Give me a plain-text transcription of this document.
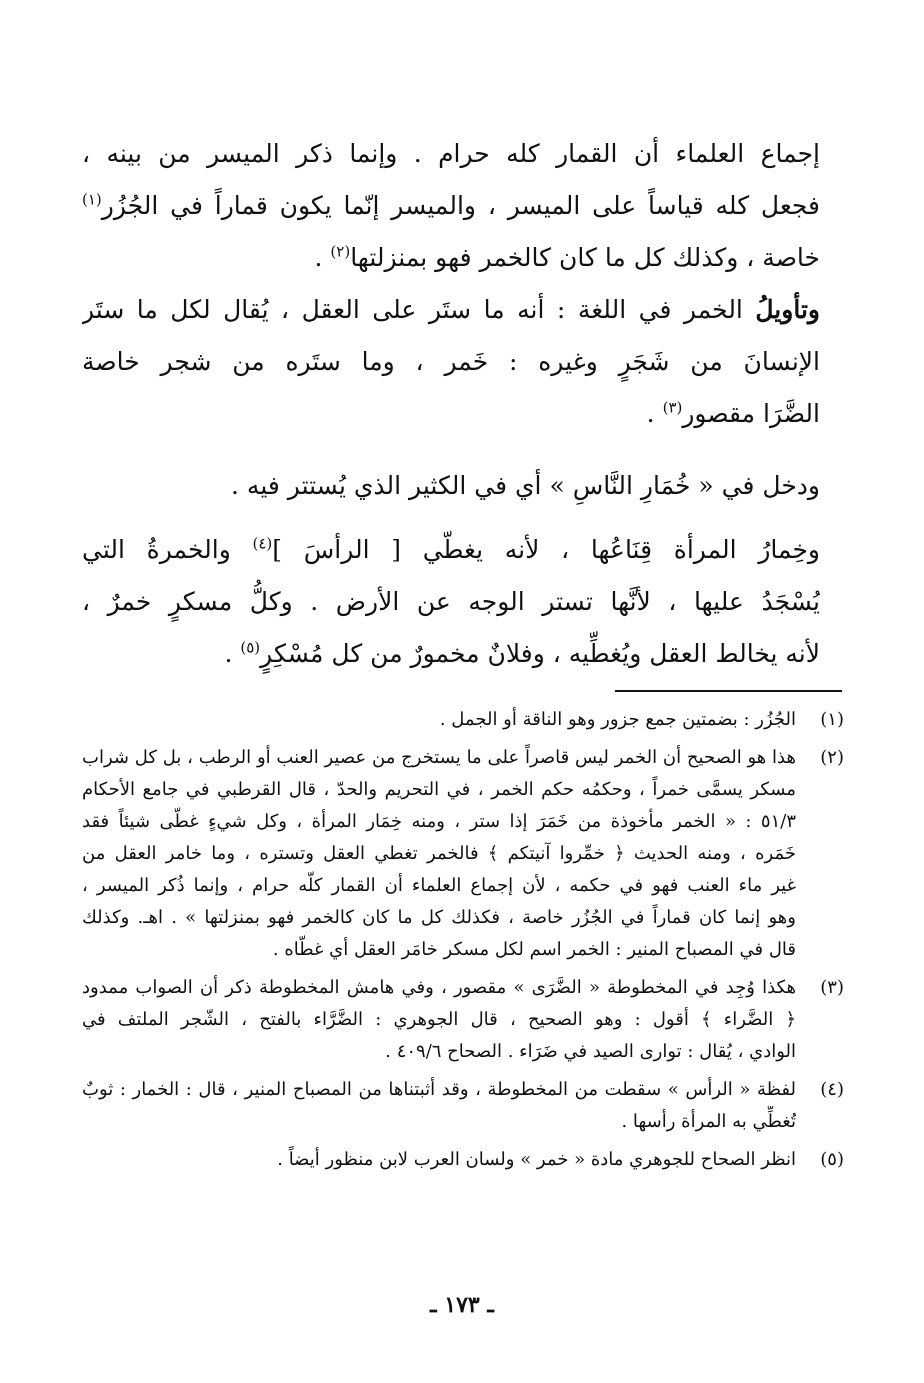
إجماع العلماء أن القمار كله حرام . وإنما ذكر الميسر من بينه ،
فجعل كله قياساً على الميسر ، والميسر إنّما يكون قماراً في الجُزُر$^{(١)}$
خاصة ، وكذلك كل ما كان كالخمر فهو بمنزلتها$^{(٢)}$ .
وتأويلُ الخمر في اللغة : أنه ما ستَر على العقل ، يُقال لكل ما ستَر
الإنسانَ من شَجَرٍ وغيره : خَمر ، وما ستَره من شجر خاصة
الضَّرَا مقصور$^{(٣)}$ .
ودخل في « خُمَارِ النَّاسِ » أي في الكثير الذي يُستتر فيه .
وخِمارُ المرأة قِنَاعُها ، لأنه يغطّي [ الرأسَ ]$^{(٤)}$ والخمرةُ التي
يُسْجَدُ عليها ، لأنَّها تستر الوجه عن الأرض . وكلُّ مسكرٍ خمرٌ ،
لأنه يخالط العقل ويُغطِّيه ، وفلانٌ مخمورٌ من كل مُسْكِرٍ$^{(٥)}$ .
(١)
الجُزُر : بضمتين جمع جزور وهو الناقة أو الجمل .
(٢)
هذا هو الصحيح أن الخمر ليس قاصراً على ما يستخرج من عصير العنب أو الرطب ، بل كل شراب
مسكر يسمَّى خمراً ، وحكمُه حكم الخمر ، في التحريم والحدّ ، قال القرطبي في جامع الأحكام
٥١/٣ : « الخمر مأخوذة من خَمَرَ إذا ستر ، ومنه خِمَار المرأة ، وكل شيءٍ غطّى شيئاً فقد
خَمَره ، ومنه الحديث ﴿ خمِّروا آنيتكم ﴾ فالخمر تغطي العقل وتستره ، وما خامر العقل من
غير ماء العنب فهو في حكمه ، لأن إجماع العلماء أن القمار كلّه حرام ، وإنما ذُكر الميسر ،
وهو إنما كان قماراً في الجُزُر خاصة ، فكذلك كل ما كان كالخمر فهو بمنزلتها » . اهـ. وكذلك
قال في المصباح المنير : الخمر اسم لكل مسكر خامَر العقل أي غطّاه .
(٣)
هكذا وُجِد في المخطوطة « الضَّرَى » مقصور ، وفي هامش المخطوطة ذكر أن الصواب ممدود
﴿ الضَّراء ﴾ أقول : وهو الصحيح ، قال الجوهري : الضَّرَّاء بالفتح ، الشّجر الملتف في
الوادي ، يُقال : توارى الصيد في ضَرَاء . الصحاح ٤٠٩/٦ .
(٤)
لفظة « الرأس » سقطت من المخطوطة ، وقد أثبتناها من المصباح المنير ، قال : الخمار : ثوبٌ
تُغطِّي به المرأة رأسها .
(٥)
انظر الصحاح للجوهري مادة « خمر » ولسان العرب لابن منظور أيضاً .
ـ ١٧٣ ـ
